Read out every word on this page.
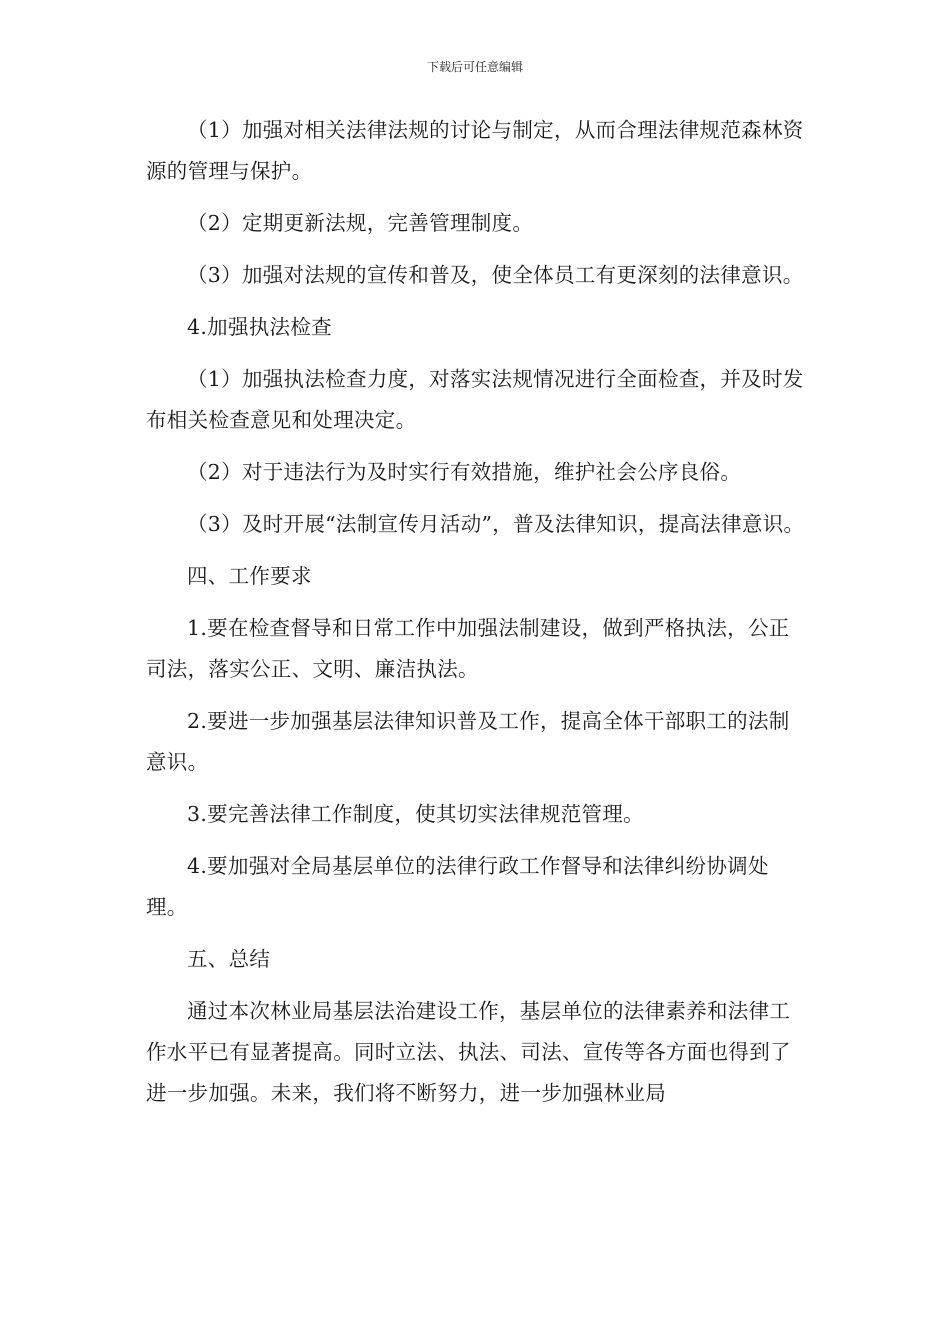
下载后可任意编辑

（1）加强对相关法律法规的讨论与制定，从而合理法律规范森林资源的管理与保护。

（2）定期更新法规，完善管理制度。

（3）加强对法规的宣传和普及，使全体员工有更深刻的法律意识。

4.加强执法检查

（1）加强执法检查力度，对落实法规情况进行全面检查，并及时发布相关检查意见和处理决定。

（2）对于违法行为及时实行有效措施，维护社会公序良俗。

（3）及时开展“法制宣传月活动”，普及法律知识，提高法律意识。

四、工作要求

1.要在检查督导和日常工作中加强法制建设，做到严格执法，公正司法，落实公正、文明、廉洁执法。

2.要进一步加强基层法律知识普及工作，提高全体干部职工的法制意识。

3.要完善法律工作制度，使其切实法律规范管理。

4.要加强对全局基层单位的法律行政工作督导和法律纠纷协调处理。

五、总结

通过本次林业局基层法治建设工作，基层单位的法律素养和法律工作水平已有显著提高。同时立法、执法、司法、宣传等各方面也得到了进一步加强。未来，我们将不断努力，进一步加强林业局
